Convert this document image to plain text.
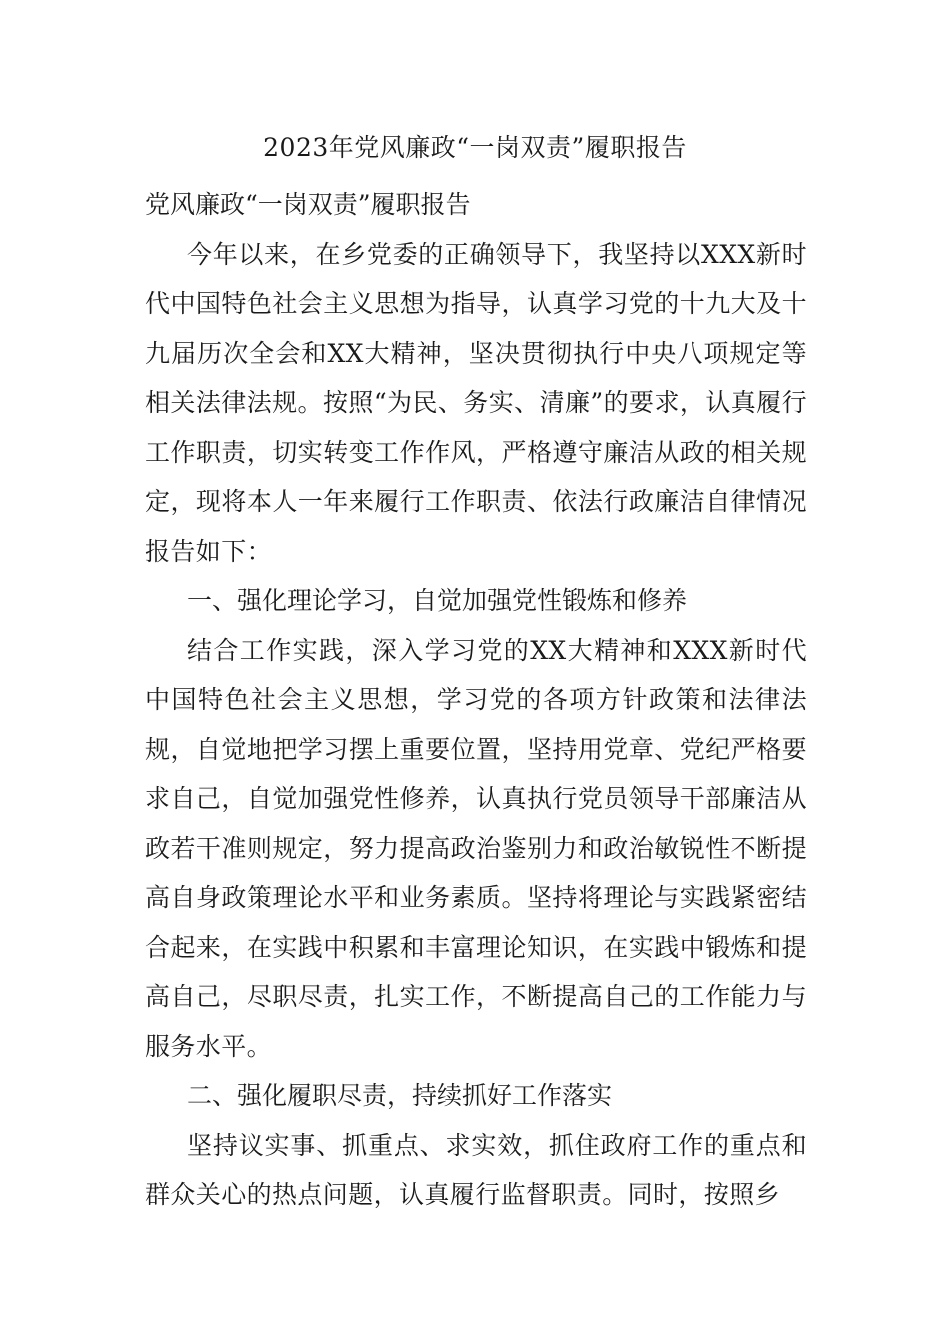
2023年党风廉政“一岗双责”履职报告
党风廉政“一岗双责”履职报告

今年以来，在乡党委的正确领导下，我坚持以XXX新时代中国特色社会主义思想为指导，认真学习党的十九大及十九届历次全会和XX大精神，坚决贯彻执行中央八项规定等相关法律法规。按照“为民、务实、清廉”的要求，认真履行工作职责，切实转变工作作风，严格遵守廉洁从政的相关规定，现将本人一年来履行工作职责、依法行政廉洁自律情况报告如下：

一、强化理论学习，自觉加强党性锻炼和修养

结合工作实践，深入学习党的XX大精神和XXX新时代中国特色社会主义思想，学习党的各项方针政策和法律法规，自觉地把学习摆上重要位置，坚持用党章、党纪严格要求自己，自觉加强党性修养，认真执行党员领导干部廉洁从政若干准则规定，努力提高政治鉴别力和政治敏锐性不断提高自身政策理论水平和业务素质。坚持将理论与实践紧密结合起来，在实践中积累和丰富理论知识，在实践中锻炼和提高自己，尽职尽责，扎实工作，不断提高自己的工作能力与服务水平。

二、强化履职尽责，持续抓好工作落实

坚持议实事、抓重点、求实效，抓住政府工作的重点和群众关心的热点问题，认真履行监督职责。同时，按照乡
